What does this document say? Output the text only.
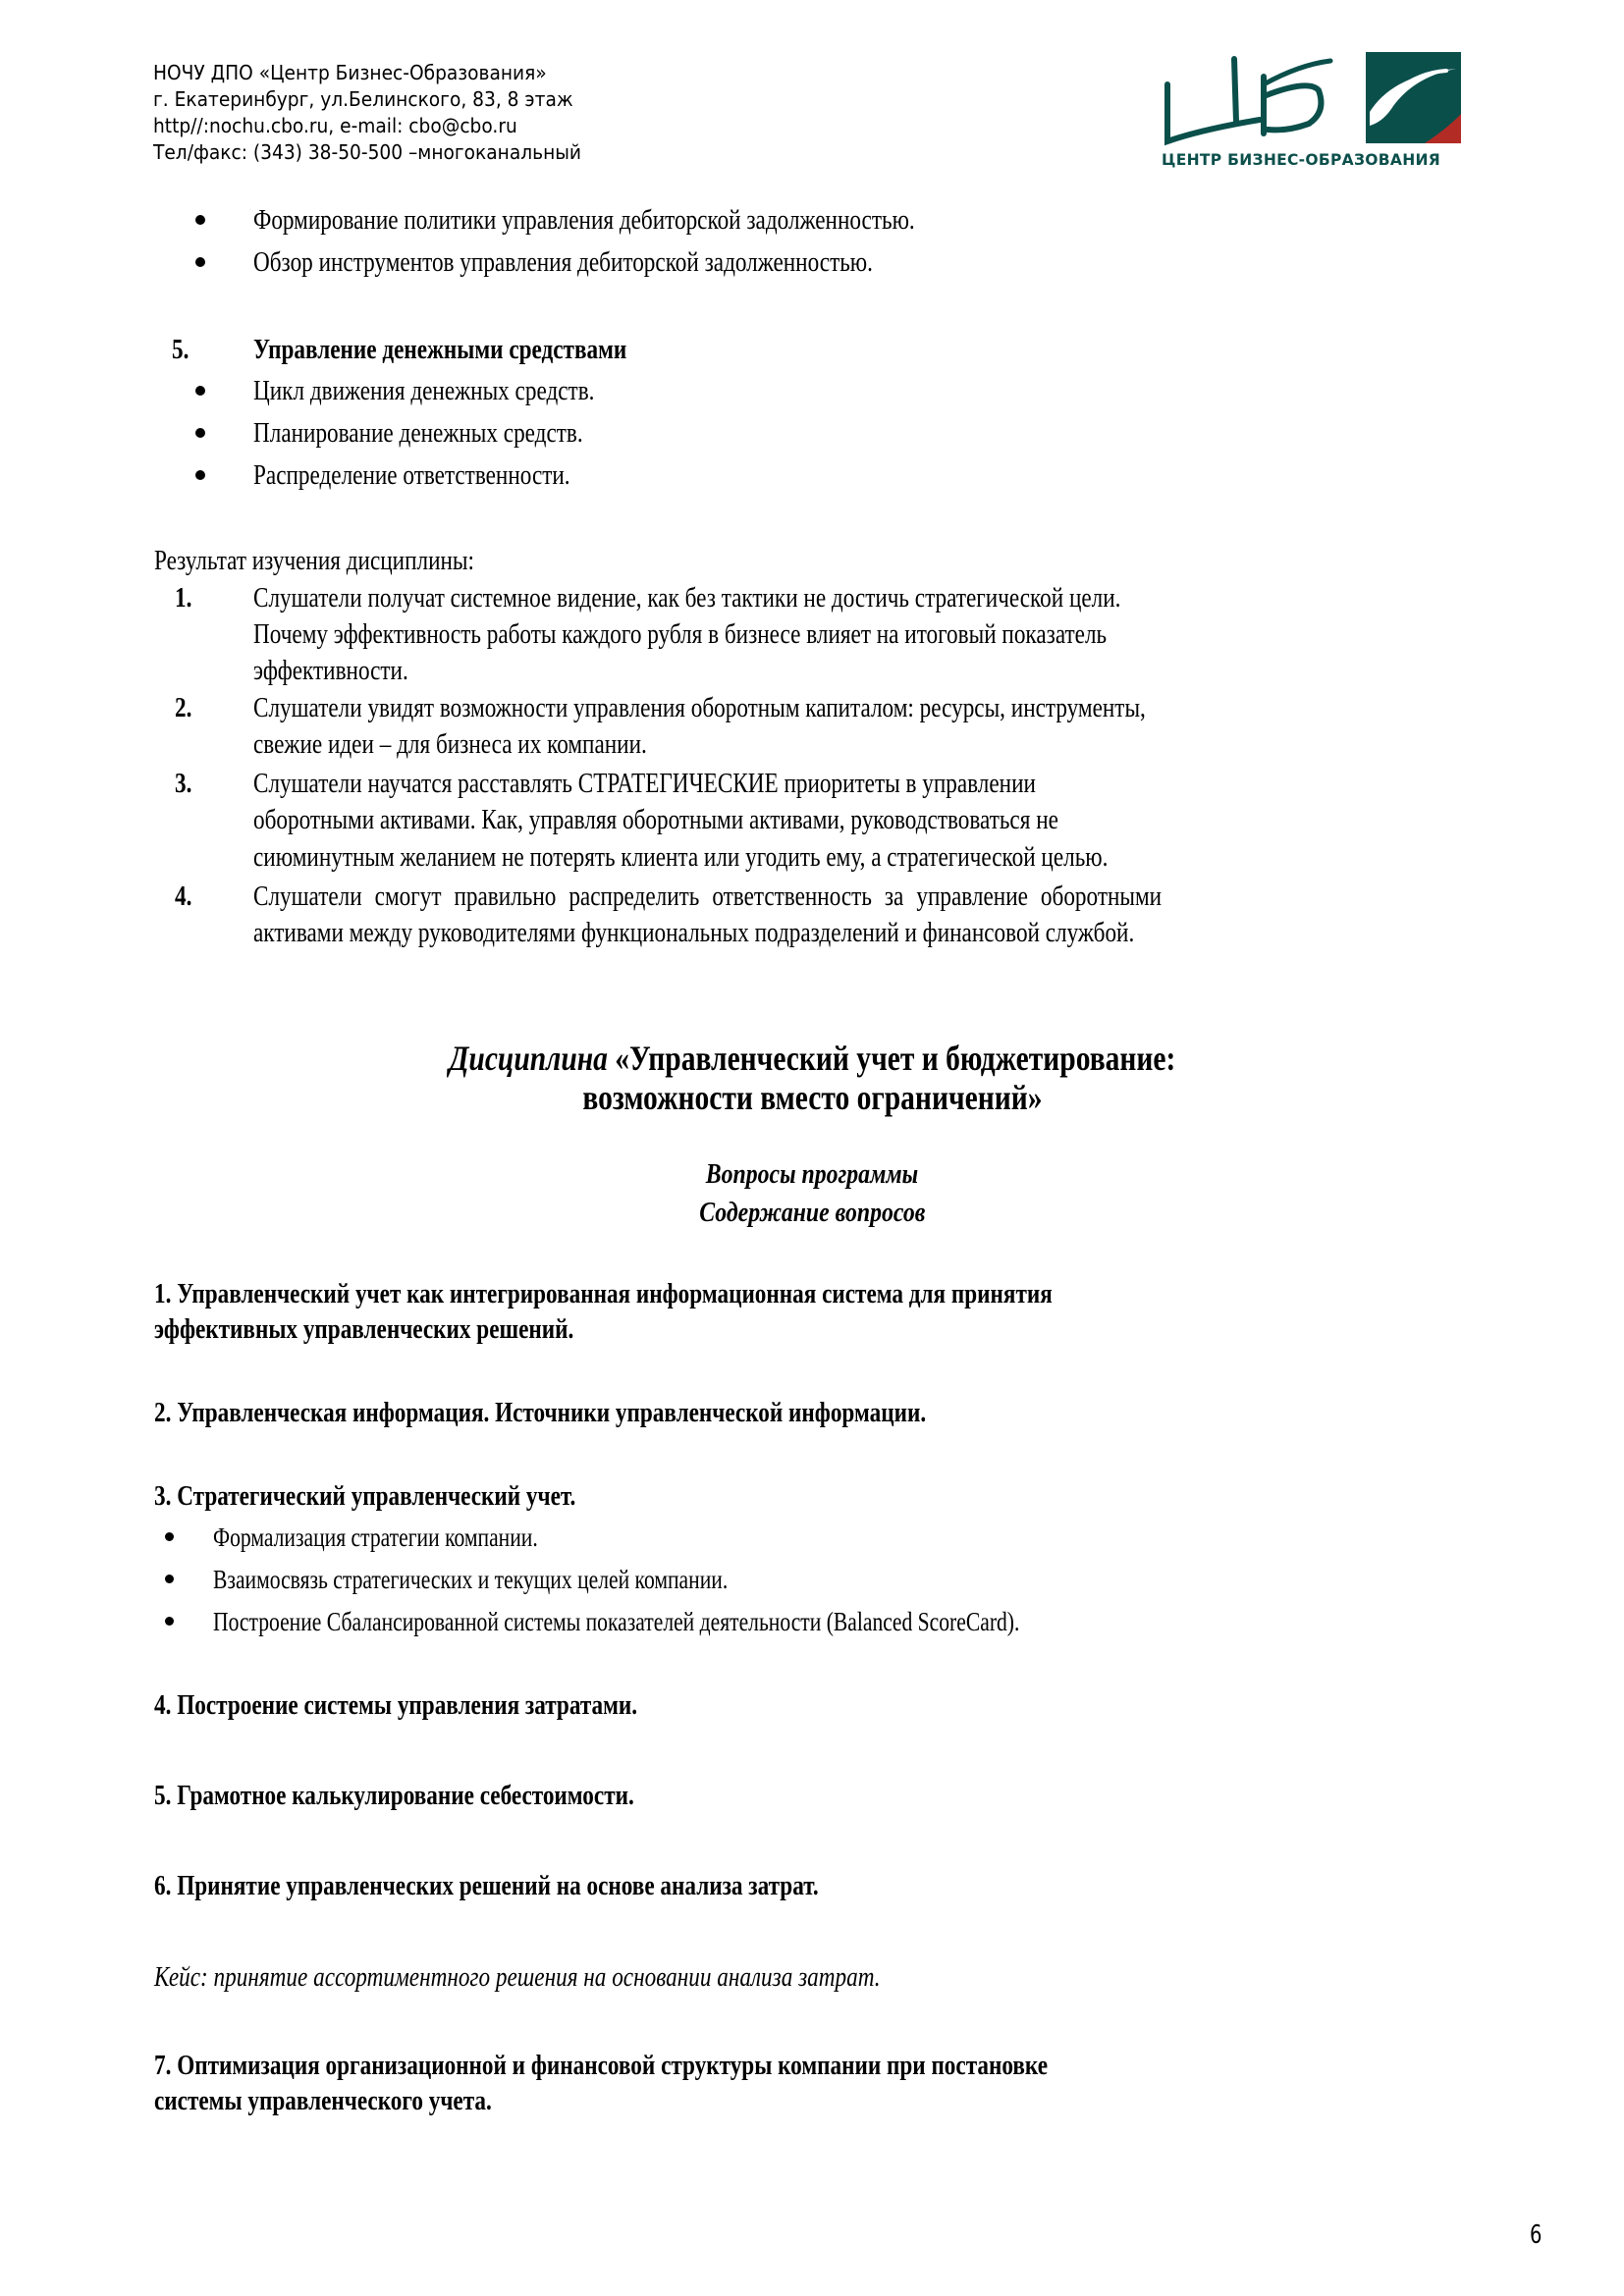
НОЧУ ДПО «Центр Бизнес-Образования»
г. Екатеринбург, ул.Белинского, 83, 8 этаж
http//:nochu.cbo.ru, e-mail: cbo@cbo.ru
Тел/факс: (343) 38-50-500 –многоканальный	ЦЕНТР БИЗНЕС-ОБРАЗОВАНИЯ
Формирование политики управления дебиторской задолженностью.
Обзор инструментов управления дебиторской задолженностью.
5. Управление денежными средствами
Цикл движения денежных средств.
Планирование денежных средств.
Распределение ответственности.
Результат изучения дисциплины:
1. Слушатели получат системное видение, как без тактики не достичь стратегической цели.
Почему эффективность работы каждого рубля в бизнесе влияет на итоговый показатель
эффективности.
2. Слушатели увидят возможности управления оборотным капиталом: ресурсы, инструменты,
свежие идеи – для бизнеса их компании.
3. Слушатели научатся расставлять СТРАТЕГИЧЕСКИЕ приоритеты в управлении
оборотными активами. Как, управляя оборотными активами, руководствоваться не
сиюминутным желанием не потерять клиента или угодить ему, а стратегической целью.
4. Слушатели смогут правильно распределить ответственность за управление оборотными
активами между руководителями функциональных подразделений и финансовой службой.
Дисциплина «Управленческий учет и бюджетирование:
возможности вместо ограничений»
Вопросы программы
Содержание вопросов
1. Управленческий учет как интегрированная информационная система для принятия
эффективных управленческих решений.
2. Управленческая информация. Источники управленческой информации.
3. Стратегический управленческий учет.
Формализация стратегии компании.
Взаимосвязь стратегических и текущих целей компании.
Построение Сбалансированной системы показателей деятельности (Balanced ScoreCard).
4. Построение системы управления затратами.
5. Грамотное калькулирование себестоимости.
6. Принятие управленческих решений на основе анализа затрат.
Кейс: принятие ассортиментного решения на основании анализа затрат.
7. Оптимизация организационной и финансовой структуры компании при постановке
системы управленческого учета.
6
